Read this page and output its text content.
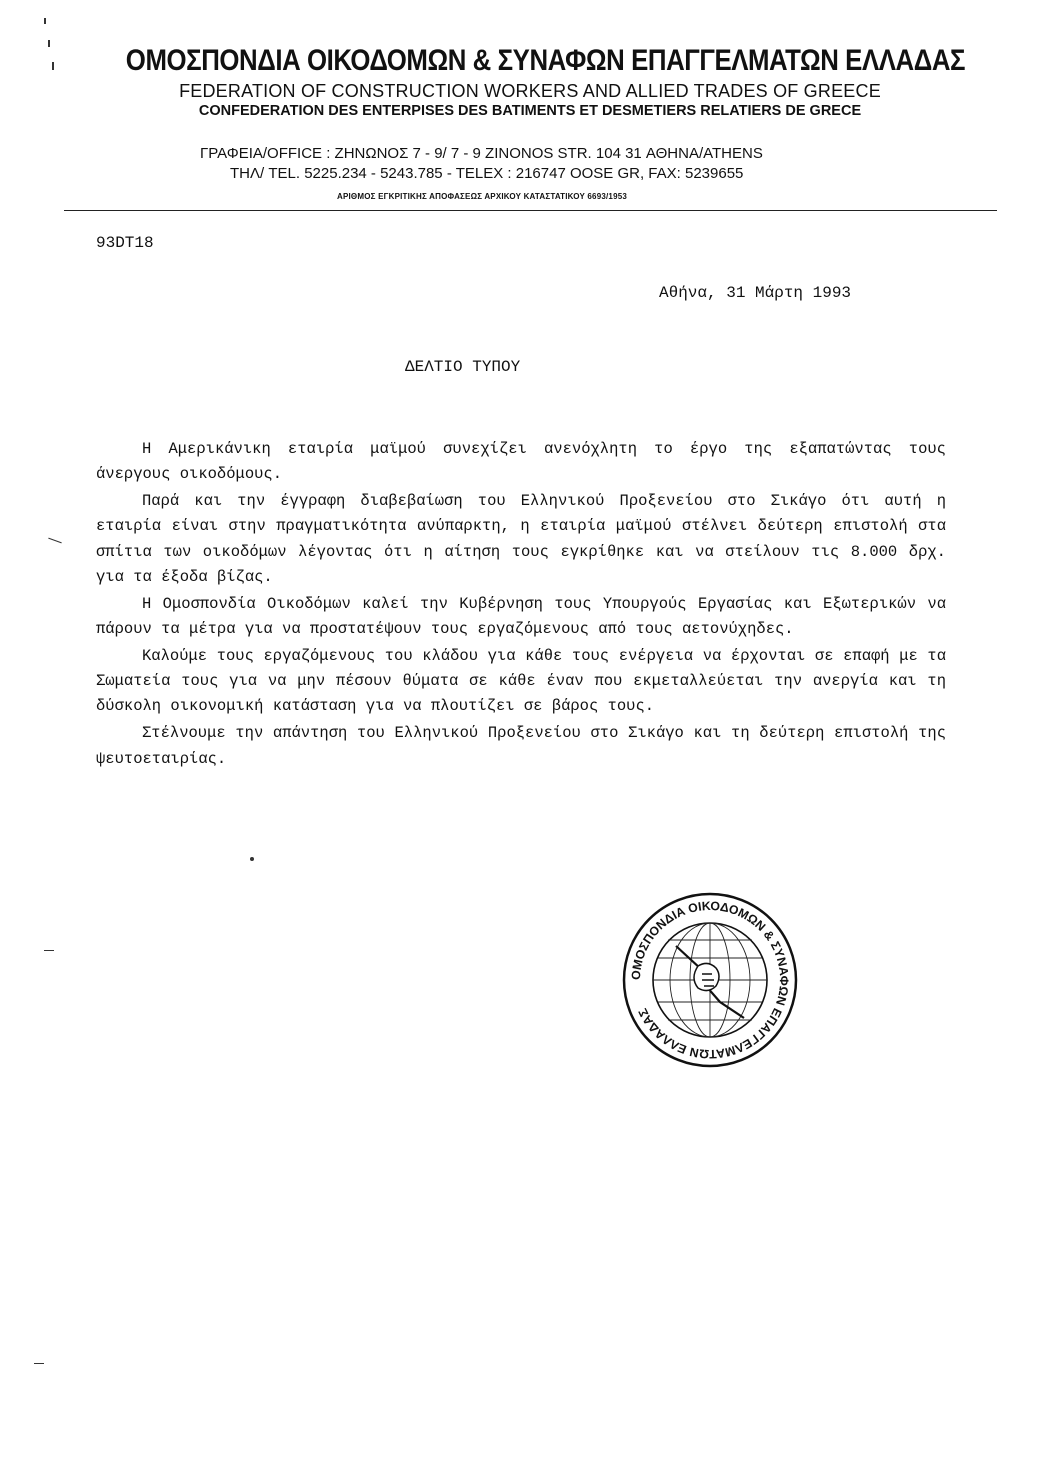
ΟΜΟΣΠΟΝΔΙΑ ΟΙΚΟΔΟΜΩΝ & ΣΥΝΑΦΩΝ ΕΠΑΓΓΕΛΜΑΤΩΝ ΕΛΛΑΔΑΣ
FEDERATION OF CONSTRUCTION WORKERS AND ALLIED TRADES OF GREECE
CONFEDERATION DES ENTERPISES DES BATIMENTS ET DESMETIERS RELATIERS DE GRECE
ΓΡΑΦΕΙΑ/OFFICE : ΖΗΝΩΝΟΣ 7 - 9/ 7 - 9 ZINONOS STR. 104 31 ΑΘΗΝΑ/ATHENS
ΤΗΛ/ TEL. 5225.234 - 5243.785 - TELEX : 216747 OOSE GR, FAX: 5239655
ΑΡΙΘΜΟΣ ΕΓΚΡΙΤΙΚΗΣ ΑΠΟΦΑΣΕΩΣ ΑΡΧΙΚΟΥ ΚΑΤΑΣΤΑΤΙΚΟΥ 6693/1953
93DT18
Αθήνα, 31 Μάρτη 1993
ΔΕΛΤΙΟ ΤΥΠΟΥ

Η Αμερικάνικη εταιρία μαϊμού συνεχίζει ανενόχλητη το έργο της εξαπατώντας τους άνεργους οικοδόμους.

Παρά και την έγγραφη διαβεβαίωση του Ελληνικού Προξενείου στο Σικάγο ότι αυτή η εταιρία είναι στην πραγματικότητα ανύπαρκτη, η εταιρία μαϊμού στέλνει δεύτερη επιστολή στα σπίτια των οικοδόμων λέγοντας ότι η αίτηση τους εγκρίθηκε και να στείλουν τις 8.000 δρχ. για τα έξοδα βίζας.

Η Ομοσπονδία Οικοδόμων καλεί την Κυβέρνηση τους Υπουργούς Εργασίας και Εξωτερικών να πάρουν τα μέτρα για να προστατέψουν τους εργαζόμενους από τους αετονύχηδες.

Καλούμε τους εργαζόμενους του κλάδου για κάθε τους ενέργεια να έρχονται σε επαφή με τα Σωματεία τους για να μην πέσουν θύματα σε κάθε έναν που εκμεταλλεύεται την ανεργία και τη δύσκολη οικονομική κατάσταση για να πλουτίζει σε βάρος τους.

Στέλνουμε την απάντηση του Ελληνικού Προξενείου στο Σικάγο και τη δεύτερη επιστολή της ψευτοεταιρίας.

ΟΜΟΣΠΟΝΔΙΑ ΟΙΚΟΔΟΜΩΝ & ΣΥΝΑΦΩΝ ΕΠΑΓΓΕΛΜΑΤΩΝ ΕΛΛΑΔΑΣ
